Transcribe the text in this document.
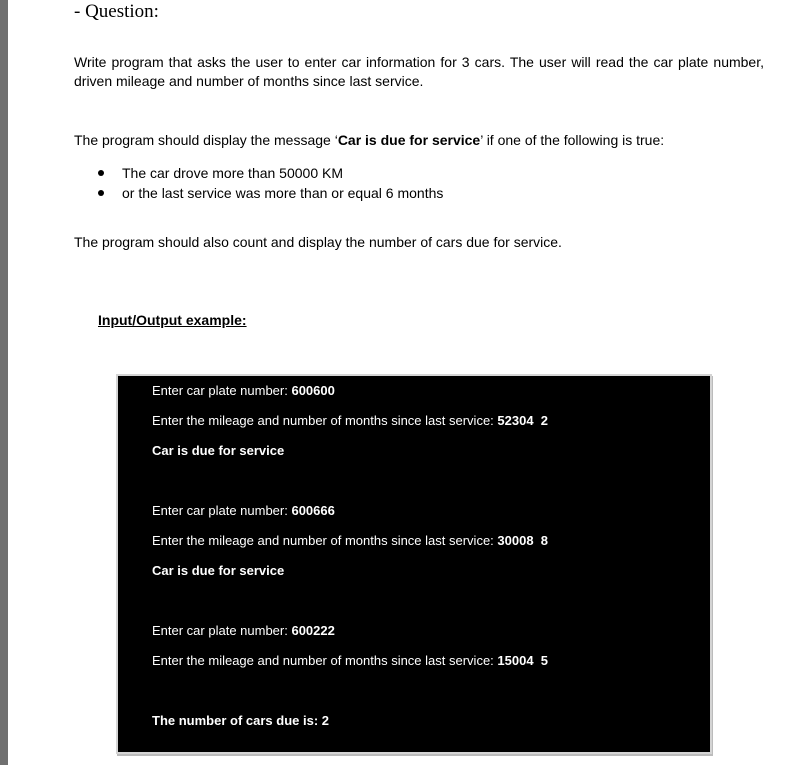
- Question:
Write program that asks the user to enter car information for 3 cars. The user will read the car plate number,
driven mileage and number of months since last service.
The program should display the message ‘Car is due for service’ if one of the following is true:
The car drove more than 50000 KM
or the last service was more than or equal 6 months
The program should also count and display the number of cars due for service.
Input/Output example:
Enter car plate number: 600600
Enter the mileage and number of months since last service: 52304  2
Car is due for service
Enter car plate number: 600666
Enter the mileage and number of months since last service: 30008  8
Car is due for service
Enter car plate number: 600222
Enter the mileage and number of months since last service: 15004  5
The number of cars due is: 2
